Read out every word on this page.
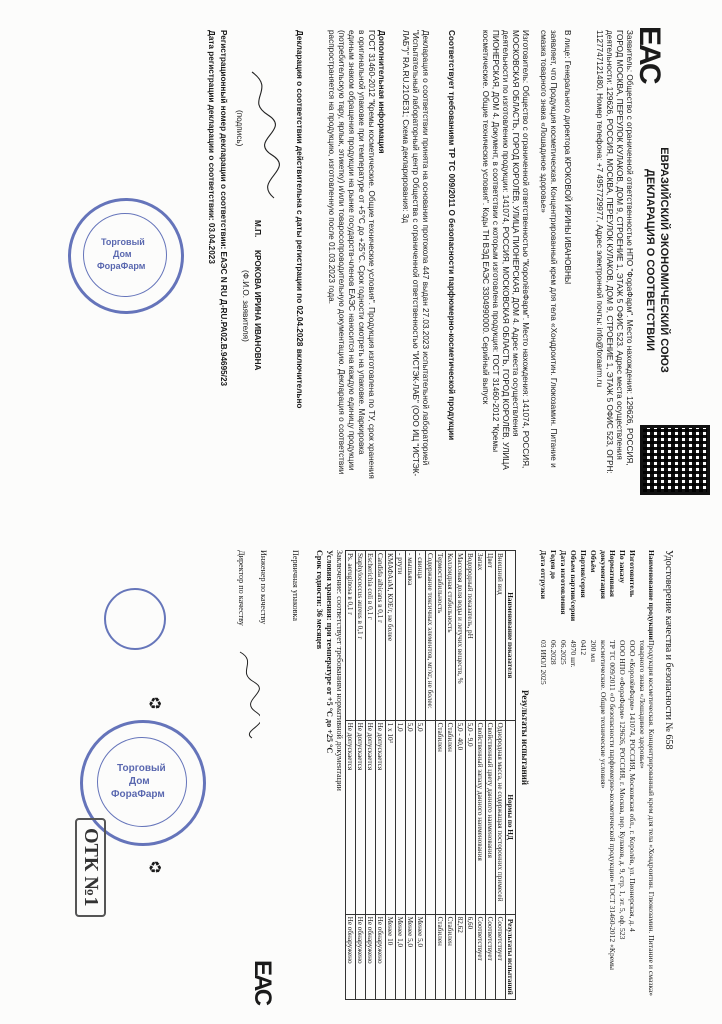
ЕАС
ЕВРАЗИЙСКИЙ ЭКОНОМИЧЕСКИЙ СОЮЗ
ДЕКЛАРАЦИЯ О СООТВЕТСТВИИ
Заявитель: Общество с ограниченной ответственностью НПО "ФораФарм". Место нахождения: 129626, РОССИЯ, ГОРОД МОСКВА, ПЕРЕУЛОК КУЛАКОВ, ДОМ 9, СТРОЕНИЕ 1, ЭТАЖ 5 ОФИС 523. Адрес места осуществления деятельности: 129626, РОССИЯ, МОСКВА, ПЕРЕУЛОК КУЛАКОВ, ДОМ 9, СТРОЕНИЕ 1, ЭТАЖ 5 ОФИС 523, ОГРН: 1127747121480, Номер телефона: +7 4957729977, Адрес электронной почты: info@foraarm.ru
В лице: Генерального директора КРОКОВОЙ ИРИНЫ ИВАНОВНЫ
заявляет, что Продукция косметическая. Концентрированный крем для тела «Хондроитин. Глюкозамин. Питание и смазка товарного знака «Лошадиное здоровье»
Изготовитель: Общество с ограниченной ответственностью "КоролёвФарм". Место нахождения: 141074, РОССИЯ, МОСКОВСКАЯ ОБЛАСТЬ, ГОРОД КОРОЛЁВ, УЛИЦА ПИОНЕРСКАЯ, ДОМ 4. Адрес места осуществления деятельности по изготовлению продукции: 141074, РОССИЯ, МОСКОВСКАЯ ОБЛАСТЬ, ГОРОД КОРОЛЁВ, УЛИЦА ПИОНЕРСКАЯ, ДОМ 4. Документ, в соответствии с которым изготовлена продукция: ГОСТ 31460-2012 "Кремы косметические. Общие технические условия". Коды ТН ВЭД ЕАЭС 3304990000. Серийный выпуск
Соответствует требованиям ТР ТС 009/2011 О безопасности парфюмерно-косметической продукции
Декларация о соответствии принята на основании протокола 447 выдан 27.03.2023 испытательной лабораторией "Испытательный лабораторный центр Общества с ограниченной ответственностью "ИСТЭК-ЛАБ" (ООО ИЦ "ИСТЭК-ЛАБ")" RA.RU.21ОЕ31; Схема декларирования: 3д
Дополнительная информация
ГОСТ 31460-2012 "Кремы косметические. Общие технические условия". Продукция изготовлена по ТУ, срок хранения в оригинальной упаковке при температуре от +5°C до +25°C. Срок годности смотреть на упаковке. Маркировка единым знаком обращения продукции на рынке государств-членов ЕАЭС наносится на каждую единицу продукции (потребительскую тару, ярлык, этикетку) и/или товаросопроводительную документацию. Декларация о соответствии распространяется на продукцию, изготовленную после 01.03.2023 года.
Декларация о соответствии действительна с даты регистрации по 02.04.2028 включительно
(подпись)
М.П.
КРОКОВА ИРИНА ИВАНОВНА
(Ф.И.О. заявителя)
Регистрационный номер декларации о соответствии: ЕАЭС N RU Д-RU.РА02.В.94695/23
Дата регистрации декларации о соответствии: 03.04.2023
Торговый
Дом
ФораФарм
Удостоверение качества и безопасности № 658
Наименование продукции
Продукция косметическая. Концентрированный крем для тела «Хондроитин. Глюкозамин. Питание и смазка» товарного знака «Лошадиное здоровье»
Изготовитель
ООО «КоролёвФарм» 141074, РОССИЯ, Московская обл., г. Королёв, ул. Пионерская, д. 4
По заказу
ООО НПО «ФораФарм» 129626, РОССИЯ, г. Москва, пер. Кулаков, д. 9, стр. 1, эт. 5, оф. 523
Нормативная документация
ТР ТС 009/2011 «О безопасности парфюмерно-косметической продукции» ГОСТ 31460-2012 «Кремы косметические. Общие технические условия»
Объём
200 мл
Партия/серия
0412
Объем партии/серии
4970 шт.
Дата изготовления
06.2025
Годен до
06.2028
Дата отгрузки
03 ИЮЛ 2025
Результаты испытаний
Наименование показателя	Нормы по НД	Результаты испытаний
Внешний вид	Однородная масса, не содержащая посторонних примесей	Соответствует
Цвет	Свойственный цвету данного наименования	Соответствует
Запах	Свойственный запаху данного наименования	Соответствует
Водородный показатель, pH	5,0 - 9,0	6,60
Массовая доля воды и летучих веществ, %	5,0 - 40,0	82,62
Коллоидная стабильность	Стабилен	Стабилен
Термостабильность	Стабилен	Стабилен
Содержание токсичных элементов, мг/кг, не более:		
- свинца	5,0	Менее 5,0
- мышьяка	5,0	Менее 5,0
- ртути	1,0	Менее 1,0
КМАФАнМ, КОЕ/г, не более	1 x 10³	Менее 10
Candida albicans в 0,1 г	Не допускается	Не обнаружено
Escherichia coli в 0,1 г	Не допускается	Не обнаружено
Staphylococcus aureus в 0,1 г	Не допускается	Не обнаружено
Ps. aeruginosa в 0,1 г	Не допускается	Не обнаружено
Заключение: соответствует требованиям нормативной документации
Условия хранения: при температуре от +5 °С до +25 °С
Срок годности: 36 месяцев
Первичная упаковка
Инженер по качеству
Директор по качеству
ЕАС
Торговый
Дом
ФораФарм
ОТК №1
♻
♻
